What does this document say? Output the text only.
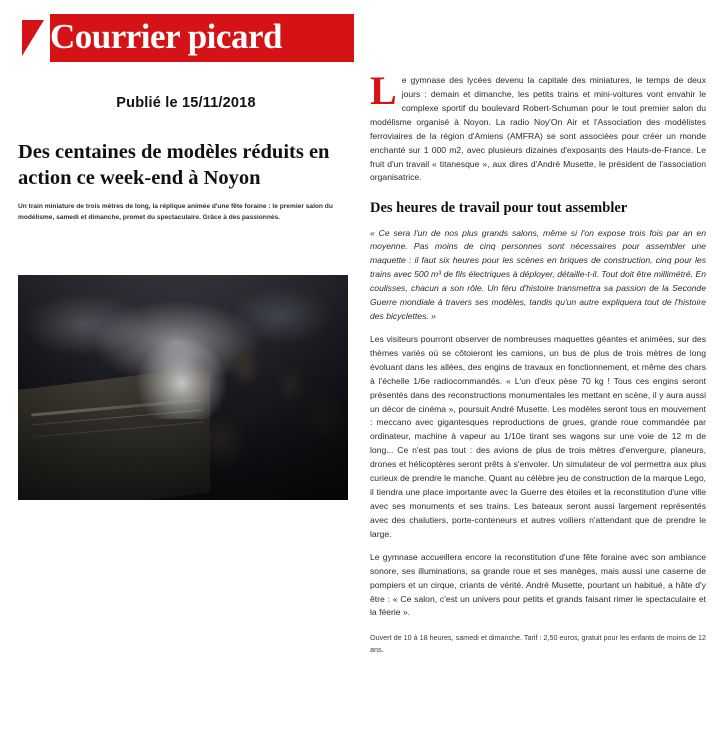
Courrier picard
Publié le 15/11/2018
Des centaines de modèles réduits en action ce week-end à Noyon
Un train miniature de trois mètres de long, la réplique animée d'une fête foraine : le premier salon du modélisme, samedi et dimanche, promet du spectaculaire. Grâce à des passionnés.

Le gymnase des lycées devenu la capitale des miniatures, le temps de deux jours : demain et dimanche, les petits trains et mini-voitures vont envahir le complexe sportif du boulevard Robert-Schuman pour le tout premier salon du modélisme organisé à Noyon. La radio Noy'On Air et l'Association des modélistes ferroviaires de la région d'Amiens (AMFRA) se sont associées pour créer un monde enchanté sur 1 000 m2, avec plusieurs dizaines d'exposants des Hauts-de-France. Le fruit d'un travail « titanesque », aux dires d'André Musette, le président de l'association organisatrice.

Des heures de travail pour tout assembler

« Ce sera l'un de nos plus grands salons, même si l'on expose trois fois par an en moyenne. Pas moins de cinq personnes sont nécessaires pour assembler une maquette : il faut six heures pour les scènes en briques de construction, cinq pour les trains avec 500 m³ de fils électriques à déployer, détaille-t-il. Tout doit être millimétré. En coulisses, chacun a son rôle. Un féru d'histoire transmettra sa passion de la Seconde Guerre mondiale à travers ses modèles, tandis qu'un autre expliquera tout de l'histoire des bicyclettes. »

Les visiteurs pourront observer de nombreuses maquettes géantes et animées, sur des thèmes variés où se côtoieront les camions, un bus de plus de trois mètres de long évoluant dans les allées, des engins de travaux en fonctionnement, et même des chars à l'échelle 1/6e radiocommandés. « L'un d'eux pèse 70 kg ! Tous ces engins seront présentés dans des reconstructions monumentales les mettant en scène, il y aura aussi un décor de cinéma », poursuit André Musette. Les modèles seront tous en mouvement : meccano avec gigantesques reproductions de grues, grande roue commandée par ordinateur, machine à vapeur au 1/10e tirant ses wagons sur une voie de 12 m de long... Ce n'est pas tout : des avions de plus de trois mètres d'envergure, planeurs, drones et hélicoptères seront prêts à s'envoler. Un simulateur de vol permettra aux plus curieux de prendre le manche. Quant au célèbre jeu de construction de la marque Lego, il tiendra une place importante avec la Guerre des étoiles et la reconstitution d'une ville avec ses monuments et ses trains. Les bateaux seront aussi largement représentés avec des chalutiers, porte-conteneurs et autres voiliers n'attendant que de prendre le large.

Le gymnase accueillera encore la reconstitution d'une fête foraine avec son ambiance sonore, ses illuminations, sa grande roue et ses manèges, mais aussi une caserne de pompiers et un cirque, criants de vérité. André Musette, pourtant un habitué, a hâte d'y être : « Ce salon, c'est un univers pour petits et grands faisant rimer le spectaculaire et la féerie ».

Ouvert de 10 à 18 heures, samedi et dimanche. Tarif : 2,50 euros, gratuit pour les enfants de moins de 12 ans.
